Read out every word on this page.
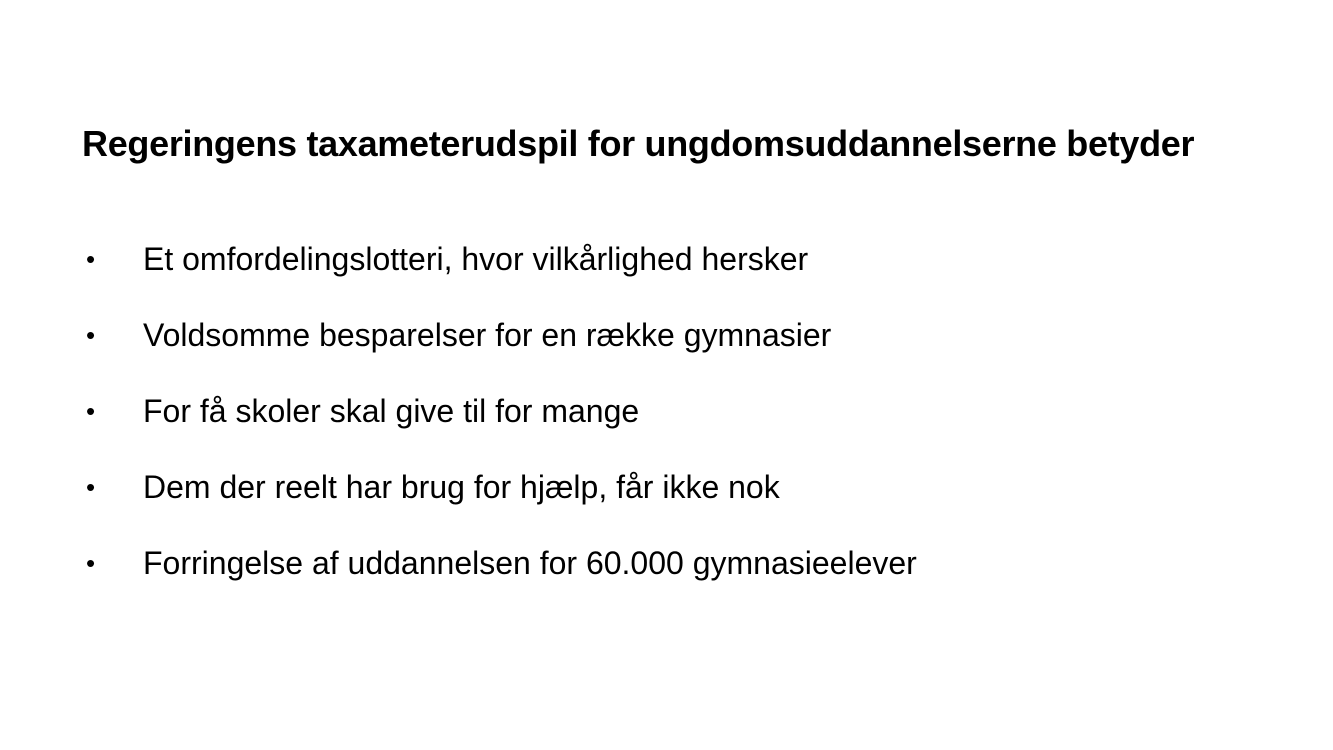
Regeringens taxameterudspil for ungdomsuddannelserne betyder
•	Et omfordelingslotteri, hvor vilkårlighed hersker
•	Voldsomme besparelser for en række gymnasier
•	For få skoler skal give til for mange
•	Dem der reelt har brug for hjælp, får ikke nok
•	Forringelse af uddannelsen for 60.000 gymnasieelever
